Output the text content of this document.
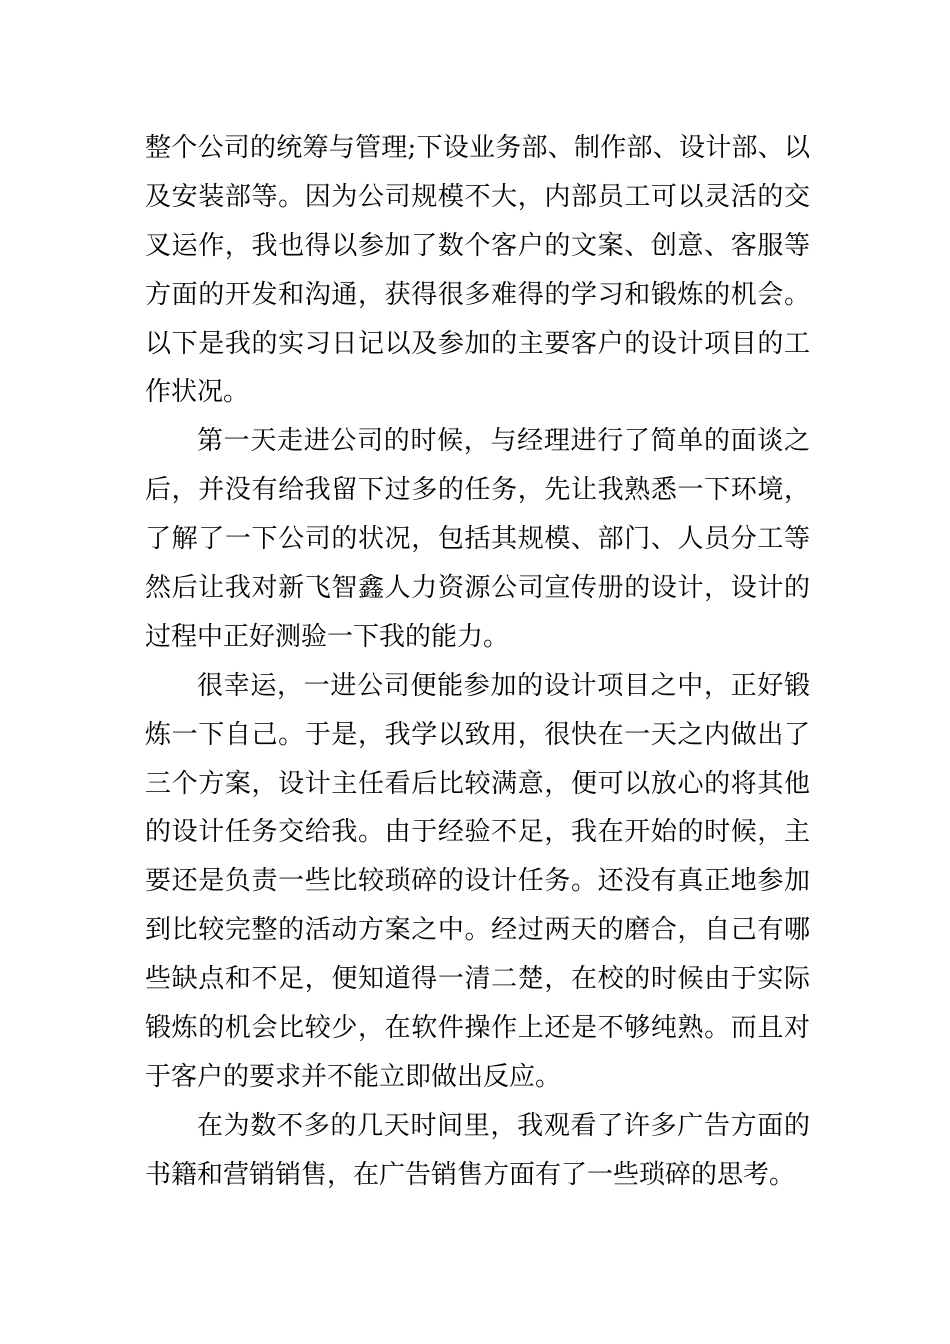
整个公司的统筹与管理;下设业务部、制作部、设计部、以
及安装部等。因为公司规模不大，内部员工可以灵活的交
叉运作，我也得以参加了数个客户的文案、创意、客服等
方面的开发和沟通，获得很多难得的学习和锻炼的机会。
以下是我的实习日记以及参加的主要客户的设计项目的工
作状况。
第一天走进公司的时候，与经理进行了简单的面谈之
后，并没有给我留下过多的任务，先让我熟悉一下环境，
了解了一下公司的状况，包括其规模、部门、人员分工等
然后让我对新飞智鑫人力资源公司宣传册的设计，设计的
过程中正好测验一下我的能力。
很幸运，一进公司便能参加的设计项目之中，正好锻
炼一下自己。于是，我学以致用，很快在一天之内做出了
三个方案，设计主任看后比较满意，便可以放心的将其他
的设计任务交给我。由于经验不足，我在开始的时候，主
要还是负责一些比较琐碎的设计任务。还没有真正地参加
到比较完整的活动方案之中。经过两天的磨合，自己有哪
些缺点和不足，便知道得一清二楚，在校的时候由于实际
锻炼的机会比较少，在软件操作上还是不够纯熟。而且对
于客户的要求并不能立即做出反应。
在为数不多的几天时间里，我观看了许多广告方面的
书籍和营销销售，在广告销售方面有了一些琐碎的思考。
